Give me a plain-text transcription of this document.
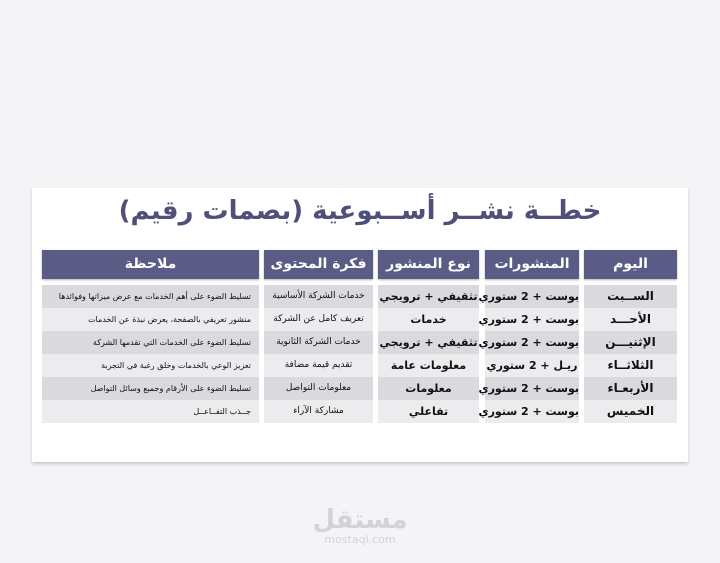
خطــة نشــر أســبوعية (بصمات رقيم)
اليوم
الســبت
الأحـــد
الإثنيـــن
الثلاثــاء
الأربعـاء
الخميس
المنشورات
بوست + 2 ستوري
بوست + 2 ستوري
بوست + 2 ستوري
ريـل + 2 ستوري
بوست + 2 ستوري
بوست + 2 ستوري
نوع المنشور
تثقيفي + ترويجي
خدمات
تثقيفي + ترويجي
معلومات عامة
معلومات
تفاعلي
فكرة المحتوى
خدمات الشركة الأساسية
تعريف كامل عن الشركة
خدمات الشركة الثانوية
تقديم قيمة مضافة
معلومات التواصل
مشاركة الآراء
ملاحظة
تسليط الضوء على أهم الخدمات مع عرض ميزاتها وفوائدها
منشور تعريفي بالصفحة، يعرض نبذة عن الخدمات
تسليط الضوء على الخدمات التي تقدمها الشركة
تعزيز الوعي بالخدمات وخلق رغبة في التجربة
تسليط الضوء على الأرقام وجميع وسائل التواصل
جــذب التفــاعــل
مستقل
mostaql.com
